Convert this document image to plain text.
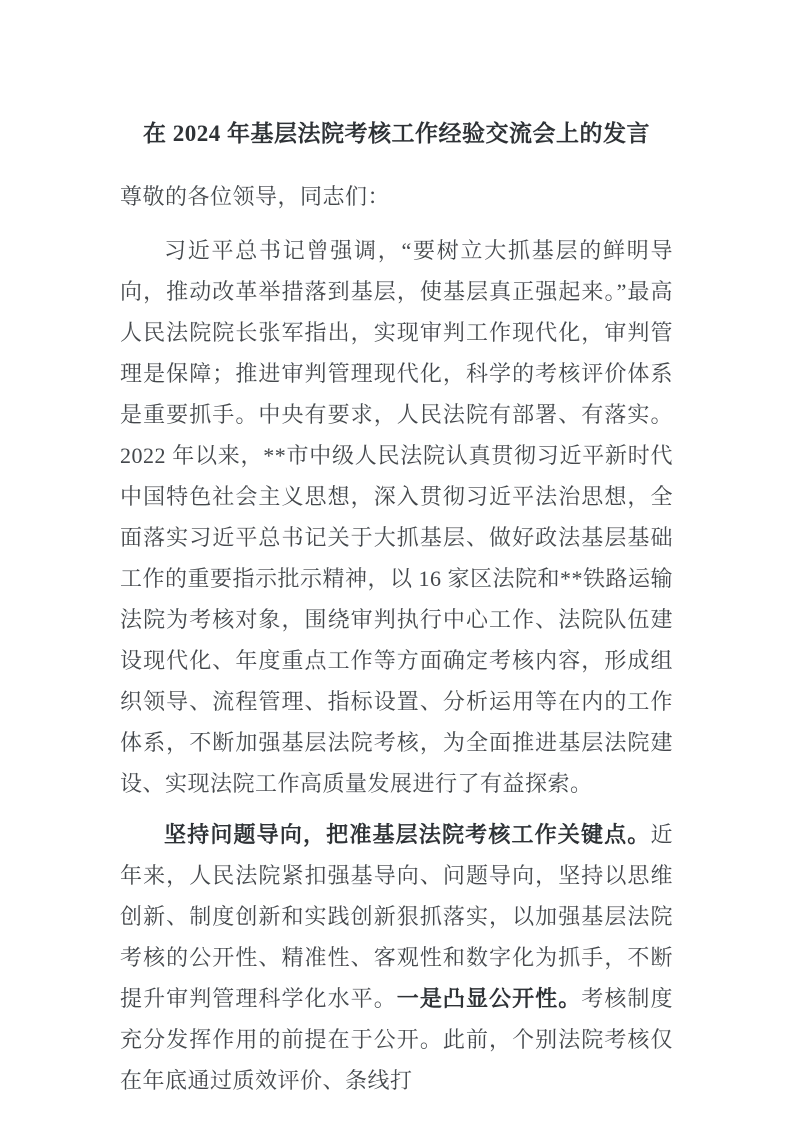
在 2024 年基层法院考核工作经验交流会上的发言

尊敬的各位领导，同志们：

习近平总书记曾强调，“要树立大抓基层的鲜明导向，推动改革举措落到基层，使基层真正强起来。”最高人民法院院长张军指出，实现审判工作现代化，审判管理是保障；推进审判管理现代化，科学的考核评价体系是重要抓手。中央有要求，人民法院有部署、有落实。2022 年以来，**市中级人民法院认真贯彻习近平新时代中国特色社会主义思想，深入贯彻习近平法治思想，全面落实习近平总书记关于大抓基层、做好政法基层基础工作的重要指示批示精神，以 16 家区法院和**铁路运输法院为考核对象，围绕审判执行中心工作、法院队伍建设现代化、年度重点工作等方面确定考核内容，形成组织领导、流程管理、指标设置、分析运用等在内的工作体系，不断加强基层法院考核，为全面推进基层法院建设、实现法院工作高质量发展进行了有益探索。

坚持问题导向，把准基层法院考核工作关键点。近年来，人民法院紧扣强基导向、问题导向，坚持以思维创新、制度创新和实践创新狠抓落实，以加强基层法院考核的公开性、精准性、客观性和数字化为抓手，不断提升审判管理科学化水平。一是凸显公开性。考核制度充分发挥作用的前提在于公开。此前，个别法院考核仅在年底通过质效评价、条线打
